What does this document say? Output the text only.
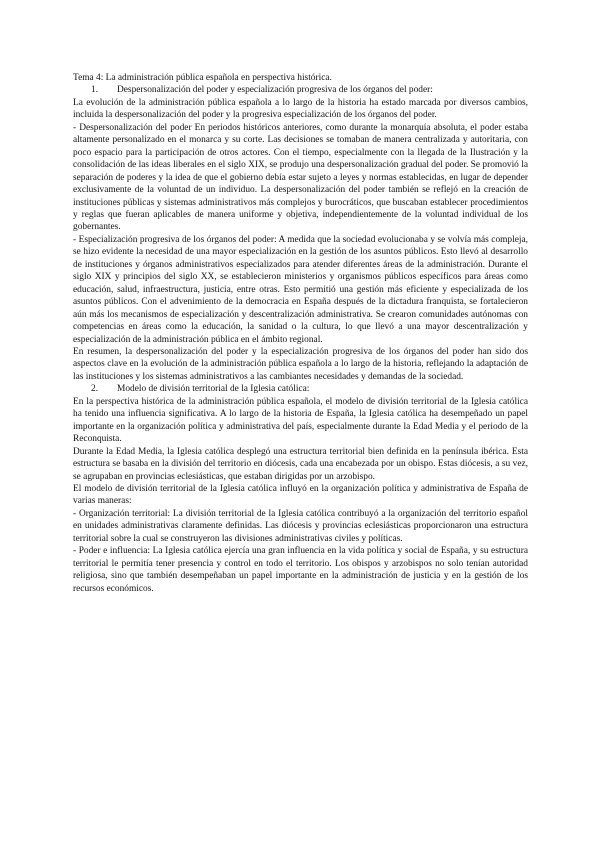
Tema 4: La administración pública española en perspectiva histórica.

1. Despersonalización del poder y especialización progresiva de los órganos del poder:

La evolución de la administración pública española a lo largo de la historia ha estado marcada por diversos cambios, incluida la despersonalización del poder y la progresiva especialización de los órganos del poder.

- Despersonalización del poder En periodos históricos anteriores, como durante la monarquía absoluta, el poder estaba altamente personalizado en el monarca y su corte. Las decisiones se tomaban de manera centralizada y autoritaria, con poco espacio para la participación de otros actores. Con el tiempo, especialmente con la llegada de la Ilustración y la consolidación de las ideas liberales en el siglo XIX, se produjo una despersonalización gradual del poder. Se promovió la separación de poderes y la idea de que el gobierno debía estar sujeto a leyes y normas establecidas, en lugar de depender exclusivamente de la voluntad de un individuo. La despersonalización del poder también se reflejó en la creación de instituciones públicas y sistemas administrativos más complejos y burocráticos, que buscaban establecer procedimientos y reglas que fueran aplicables de manera uniforme y objetiva, independientemente de la voluntad individual de los gobernantes.

- Especialización progresiva de los órganos del poder: A medida que la sociedad evolucionaba y se volvía más compleja, se hizo evidente la necesidad de una mayor especialización en la gestión de los asuntos públicos. Esto llevó al desarrollo de instituciones y órganos administrativos especializados para atender diferentes áreas de la administración. Durante el siglo XIX y principios del siglo XX, se establecieron ministerios y organismos públicos específicos para áreas como educación, salud, infraestructura, justicia, entre otras. Esto permitió una gestión más eficiente y especializada de los asuntos públicos. Con el advenimiento de la democracia en España después de la dictadura franquista, se fortalecieron aún más los mecanismos de especialización y descentralización administrativa. Se crearon comunidades autónomas con competencias en áreas como la educación, la sanidad o la cultura, lo que llevó a una mayor descentralización y especialización de la administración pública en el ámbito regional.

En resumen, la despersonalización del poder y la especialización progresiva de los órganos del poder han sido dos aspectos clave en la evolución de la administración pública española a lo largo de la historia, reflejando la adaptación de las instituciones y los sistemas administrativos a las cambiantes necesidades y demandas de la sociedad.

2. Modelo de división territorial de la Iglesia católica:

En la perspectiva histórica de la administración pública española, el modelo de división territorial de la Iglesia católica ha tenido una influencia significativa. A lo largo de la historia de España, la Iglesia católica ha desempeñado un papel importante en la organización política y administrativa del país, especialmente durante la Edad Media y el periodo de la Reconquista.

Durante la Edad Media, la Iglesia católica desplegó una estructura territorial bien definida en la península ibérica. Esta estructura se basaba en la división del territorio en diócesis, cada una encabezada por un obispo. Estas diócesis, a su vez, se agrupaban en provincias eclesiásticas, que estaban dirigidas por un arzobispo.

El modelo de división territorial de la Iglesia católica influyó en la organización política y administrativa de España de varias maneras:

- Organización territorial: La división territorial de la Iglesia católica contribuyó a la organización del territorio español en unidades administrativas claramente definidas. Las diócesis y provincias eclesiásticas proporcionaron una estructura territorial sobre la cual se construyeron las divisiones administrativas civiles y políticas.

- Poder e influencia: La Iglesia católica ejercía una gran influencia en la vida política y social de España, y su estructura territorial le permitía tener presencia y control en todo el territorio. Los obispos y arzobispos no solo tenían autoridad religiosa, sino que también desempeñaban un papel importante en la administración de justicia y en la gestión de los recursos económicos.
